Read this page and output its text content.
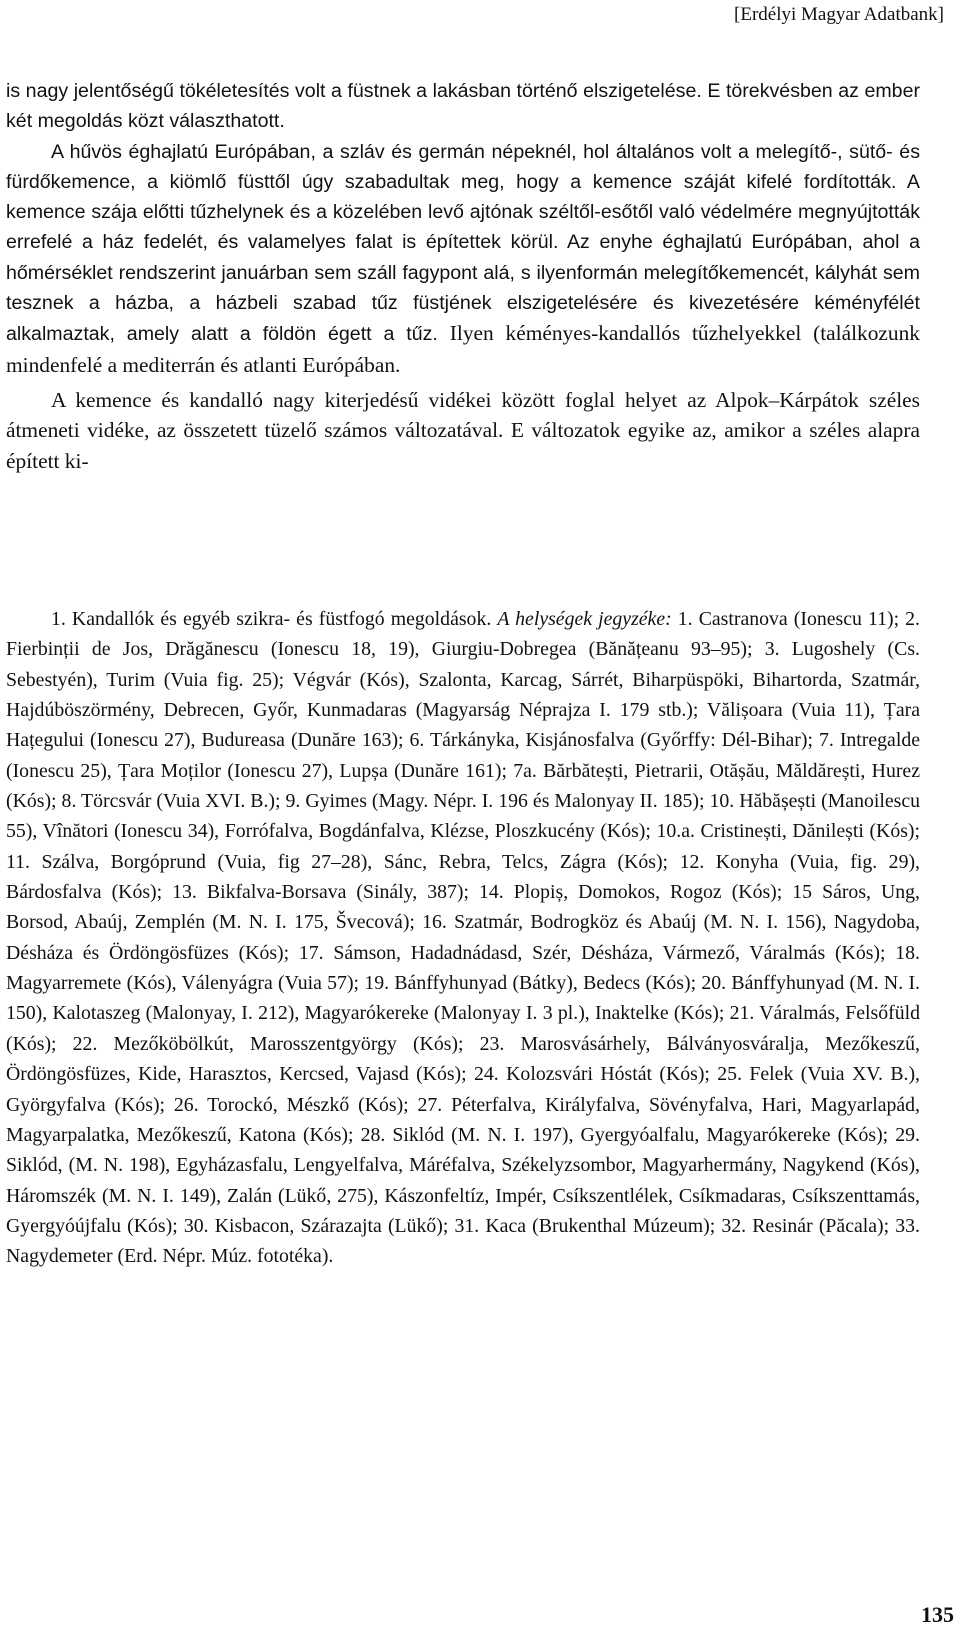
[Erdélyi Magyar Adatbank]

is nagy jelentőségű tökéletesítés volt a füstnek a lakásban történő elszigetelése. E törekvésben az ember két megoldás közt választhatott.

A hűvös éghajlatú Európában, a szláv és germán népeknél, hol általános volt a melegítő-, sütő- és fürdőkemence, a kiömlő füsttől úgy szabadultak meg, hogy a kemence száját kifelé fordították. A kemence szája előtti tűzhelynek és a közelében levő ajtónak széltől-esőtől való védelmére megnyújtották errefelé a ház fedelét, és valamelyes falat is építettek körül. Az enyhe éghajlatú Európában, ahol a hőmérséklet rendszerint januárban sem száll fagypont alá, s ilyenformán melegítőkemencét, kályhát sem tesznek a házba, a házbeli szabad tűz füstjének elszigetelésére és kivezetésére kéményfélét alkalmaztak, amely alatt a földön égett a tűz. Ilyen kéményes-kandallós tűzhelyekkel (találkozunk mindenfelé a mediterrán és atlanti Európában.

A kemence és kandalló nagy kiterjedésű vidékei között foglal helyet az Alpok–Kárpátok széles átmeneti vidéke, az összetett tüzelő számos változatával. E változatok egyike az, amikor a széles alapra épített ki-

1. Kandallók és egyéb szikra- és füstfogó megoldások. A helységek jegyzéke: 1. Castranova (Ionescu 11); 2. Fierbinții de Jos, Drăgănescu (Ionescu 18, 19), Giurgiu-Dobregea (Bănățeanu 93–95); 3. Lugoshely (Cs. Sebestyén), Turim (Vuia fig. 25); Végvár (Kós), Szalonta, Karcag, Sárrét, Biharpüspöki, Bihartorda, Szatmár, Hajdúböszörmény, Debrecen, Győr, Kunmadaras (Magyarság Néprajza I. 179 stb.); Vălișoara (Vuia 11), Țara Hațegului (Ionescu 27), Budureasa (Dunăre 163); 6. Tárkányka, Kisjánosfalva (Győrffy: Dél-Bihar); 7. Intregalde (Ionescu 25), Țara Moților (Ionescu 27), Lupșa (Dunăre 161); 7a. Bărbătești, Pietrarii, Otășău, Măldărești, Hurez (Kós); 8. Törcsvár (Vuia XVI. B.); 9. Gyimes (Magy. Népr. I. 196 és Malonyay II. 185); 10. Hăbășești (Manoilescu 55), Vînători (Ionescu 34), Forrófalva, Bogdánfalva, Klézse, Ploszkucény (Kós); 10.a. Cristinești, Dănilești (Kós); 11. Szálva, Borgóprund (Vuia, fig 27–28), Sánc, Rebra, Telcs, Zágra (Kós); 12. Konyha (Vuia, fig. 29), Bárdosfalva (Kós); 13. Bikfalva-Borsava (Sinály, 387); 14. Plopiș, Domokos, Rogoz (Kós); 15 Sáros, Ung, Borsod, Abaúj, Zemplén (M. N. I. 175, Švecová); 16. Szatmár, Bodrogköz és Abaúj (M. N. I. 156), Nagydoba, Désháza és Ördöngösfüzes (Kós); 17. Sámson, Hadadnádasd, Szér, Désháza, Vármező, Váralmás (Kós); 18. Magyarremete (Kós), Válenyágra (Vuia 57); 19. Bánffyhunyad (Bátky), Bedecs (Kós); 20. Bánffyhunyad (M. N. I. 150), Kalotaszeg (Malonyay, I. 212), Magyarókereke (Malonyay I. 3 pl.), Inaktelke (Kós); 21. Váralmás, Felsőfüld (Kós); 22. Mezőköbölkút, Marosszentgyörgy (Kós); 23. Marosvásárhely, Bálványosváralja, Mezőkeszű, Ördöngösfüzes, Kide, Harasztos, Kercsed, Vajasd (Kós); 24. Kolozsvári Hóstát (Kós); 25. Felek (Vuia XV. B.), Györgyfalva (Kós); 26. Torockó, Mészkő (Kós); 27. Péterfalva, Királyfalva, Sövényfalva, Hari, Magyarlapád, Magyarpalatka, Mezőkeszű, Katona (Kós); 28. Siklód (M. N. I. 197), Gyergyóalfalu, Magyarókereke (Kós); 29. Siklód, (M. N. 198), Egyházasfalu, Lengyelfalva, Máréfalva, Székelyzsombor, Magyarhermány, Nagykend (Kós), Háromszék (M. N. I. 149), Zalán (Lükő, 275), Kászonfeltíz, Impér, Csíkszentlélek, Csíkmadaras, Csíkszenttamás, Gyergyóújfalu (Kós); 30. Kisbacon, Szárazajta (Lükő); 31. Kaca (Brukenthal Múzeum); 32. Resinár (Păcala); 33. Nagydemeter (Erd. Népr. Múz. fototéka).

135
